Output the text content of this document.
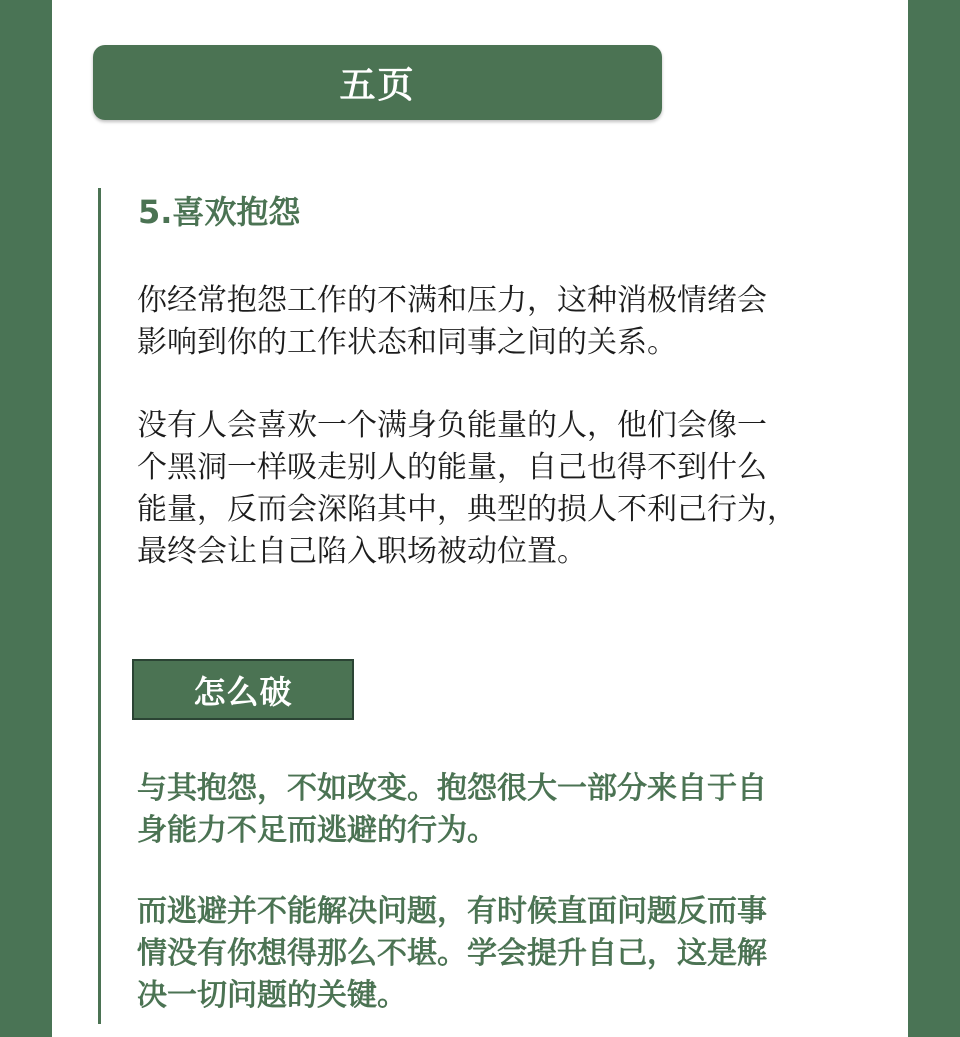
五页
5.喜欢抱怨

你经常抱怨工作的不满和压力，这种消极情绪会
影响到你的工作状态和同事之间的关系。

没有人会喜欢一个满身负能量的人，他们会像一
个黑洞一样吸走别人的能量，自己也得不到什么
能量，反而会深陷其中，典型的损人不利己行为，
最终会让自己陷入职场被动位置。

怎么破

与其抱怨，不如改变。抱怨很大一部分来自于自
身能力不足而逃避的行为。

而逃避并不能解决问题，有时候直面问题反而事
情没有你想得那么不堪。学会提升自己，这是解
决一切问题的关键。
